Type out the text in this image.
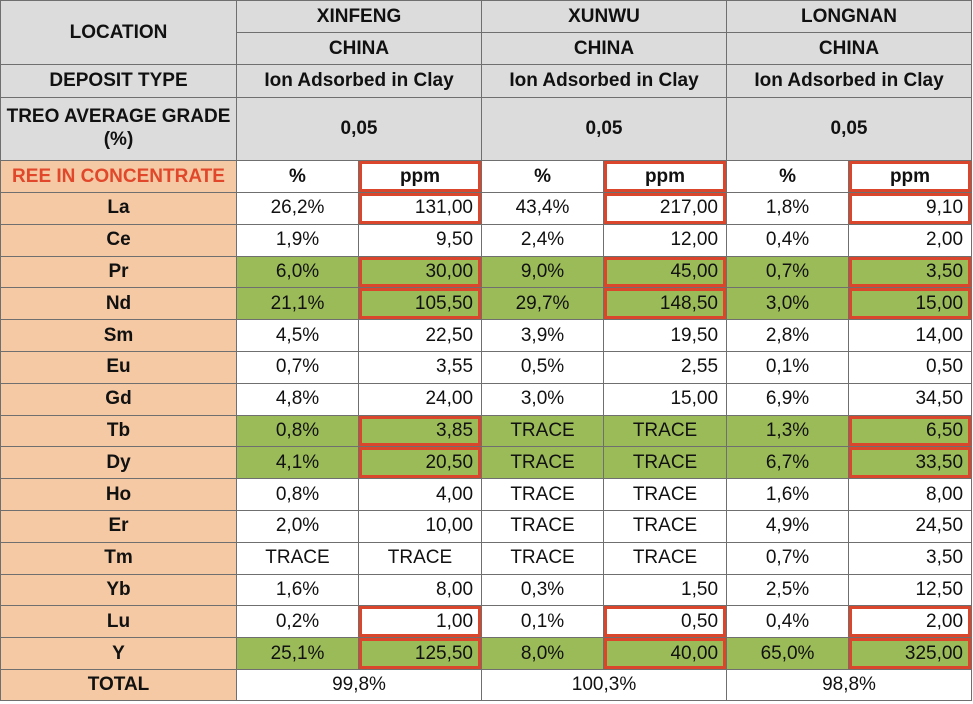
LOCATION	XINFENG		XUNWU		LONGNAN	
	CHINA		CHINA		CHINA	
DEPOSIT TYPE	Ion Adsorbed in Clay		Ion Adsorbed in Clay		Ion Adsorbed in Clay	
TREO AVERAGE GRADE (%)	0,05		0,05		0,05	
REE IN CONCENTRATE	%	ppm	%	ppm	%	ppm
La	26,2%	131,00	43,4%	217,00	1,8%	9,10
Ce	1,9%	9,50	2,4%	12,00	0,4%	2,00
Pr	6,0%	30,00	9,0%	45,00	0,7%	3,50
Nd	21,1%	105,50	29,7%	148,50	3,0%	15,00
Sm	4,5%	22,50	3,9%	19,50	2,8%	14,00
Eu	0,7%	3,55	0,5%	2,55	0,1%	0,50
Gd	4,8%	24,00	3,0%	15,00	6,9%	34,50
Tb	0,8%	3,85	TRACE	TRACE	1,3%	6,50
Dy	4,1%	20,50	TRACE	TRACE	6,7%	33,50
Ho	0,8%	4,00	TRACE	TRACE	1,6%	8,00
Er	2,0%	10,00	TRACE	TRACE	4,9%	24,50
Tm	TRACE	TRACE	TRACE	TRACE	0,7%	3,50
Yb	1,6%	8,00	0,3%	1,50	2,5%	12,50
Lu	0,2%	1,00	0,1%	0,50	0,4%	2,00
Y	25,1%	125,50	8,0%	40,00	65,0%	325,00
TOTAL	99,8%		100,3%		98,8%	
